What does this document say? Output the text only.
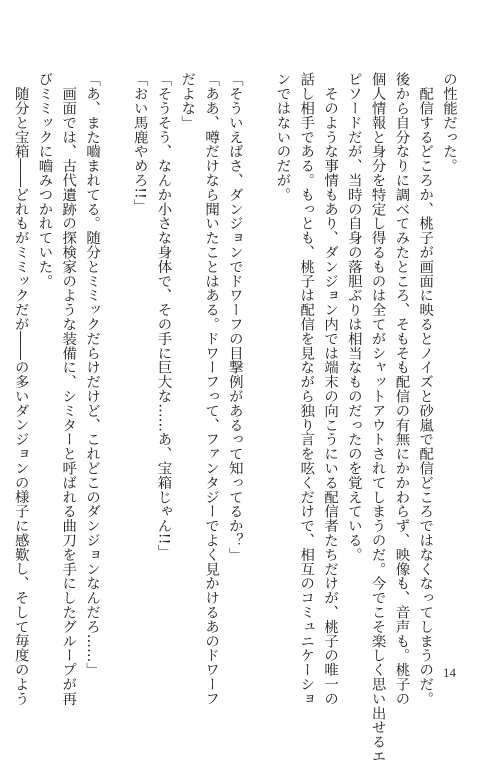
の性能だった。

　配信するどころか、桃子が画面に映るとノイズと砂嵐で配信どころではなくなってしまうのだ。

後から自分なりに調べてみたところ、そもそも配信の有無にかかわらず、映像も、音声も。桃子の

個人情報と身分を特定し得るものは全てがシャットアウトされてしまうのだ。今でこそ楽しく思い出せるエ

ピソードだが、当時の自身の落胆ぶりは相当なものだったのを覚えている。

　そのような事情もあり、ダンジョン内では端末の向こうにいる配信者たちだけが、桃子の唯一の

話し相手である。もっとも、桃子は配信を見ながら独り言を呟くだけで、相互のコミュニケーショ

ンではないのだが。

「そういえばさ、ダンジョンでドワーフの目撃例があるって知ってるか？」

「ああ、噂だけなら聞いたことはある。ドワーフって、ファンタジーでよく見かけるあのドワーフ

だよな」

「そうそう、なんか小さな身体で、その手に巨大な……あ、宝箱じゃん!!」

「おい馬鹿やめろ!!」

「あ、また嚙まれてる。随分とミミックだらけだけど、これどこのダンジョンなんだろ……」

　画面では、古代遺跡の探検家のような装備に、シミターと呼ばれる曲刀を手にしたグループが再

びミミックに嚙みつかれていた。

　随分と宝箱――どれもがミミックだが――の多いダンジョンの様子に感歎し、そして毎度のよう	14
